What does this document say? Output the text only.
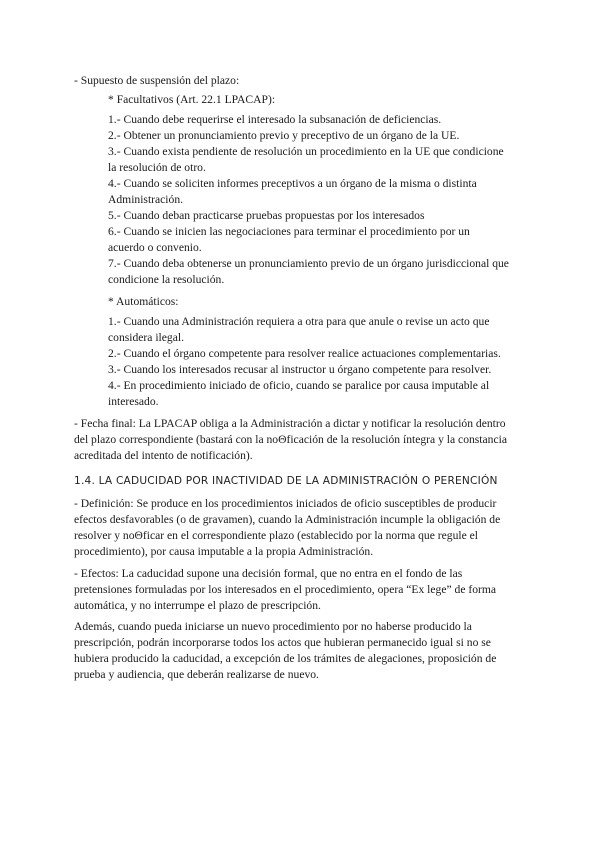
- Supuesto de suspensión del plazo:

* Facultativos (Art. 22.1 LPACAP):

1.- Cuando debe requerirse el interesado la subsanación de deficiencias.
2.- Obtener un pronunciamiento previo y preceptivo de un órgano de la UE.
3.- Cuando exista pendiente de resolución un procedimiento en la UE que condicione
la resolución de otro.
4.- Cuando se soliciten informes preceptivos a un órgano de la misma o distinta
Administración.
5.- Cuando deban practicarse pruebas propuestas por los interesados
6.- Cuando se inicien las negociaciones para terminar el procedimiento por un
acuerdo o convenio.
7.- Cuando deba obtenerse un pronunciamiento previo de un órgano jurisdiccional que
condicione la resolución.

* Automáticos:

1.- Cuando una Administración requiera a otra para que anule o revise un acto que
considera ilegal.
2.- Cuando el órgano competente para resolver realice actuaciones complementarias.
3.- Cuando los interesados recusar al instructor u órgano competente para resolver.
4.- En procedimiento iniciado de oficio, cuando se paralice por causa imputable al
interesado.
- Fecha final: La LPACAP obliga a la Administración a dictar y notificar la resolución dentro
del plazo correspondiente (bastará con la noΘficación de la resolución íntegra y la constancia
acreditada del intento de notificación).
1.4. LA CADUCIDAD POR INACTIVIDAD DE LA ADMINISTRACIÓN O PERENCIÓN
- Definición: Se produce en los procedimientos iniciados de oficio susceptibles de producir
efectos desfavorables (o de gravamen), cuando la Administración incumple la obligación de
resolver y noΘficar en el correspondiente plazo (establecido por la norma que regule el
procedimiento), por causa imputable a la propia Administración.
- Efectos: La caducidad supone una decisión formal, que no entra en el fondo de las
pretensiones formuladas por los interesados en el procedimiento, opera “Ex lege” de forma
automática, y no interrumpe el plazo de prescripción.
Además, cuando pueda iniciarse un nuevo procedimiento por no haberse producido la
prescripción, podrán incorporarse todos los actos que hubieran permanecido igual si no se
hubiera producido la caducidad, a excepción de los trámites de alegaciones, proposición de
prueba y audiencia, que deberán realizarse de nuevo.
